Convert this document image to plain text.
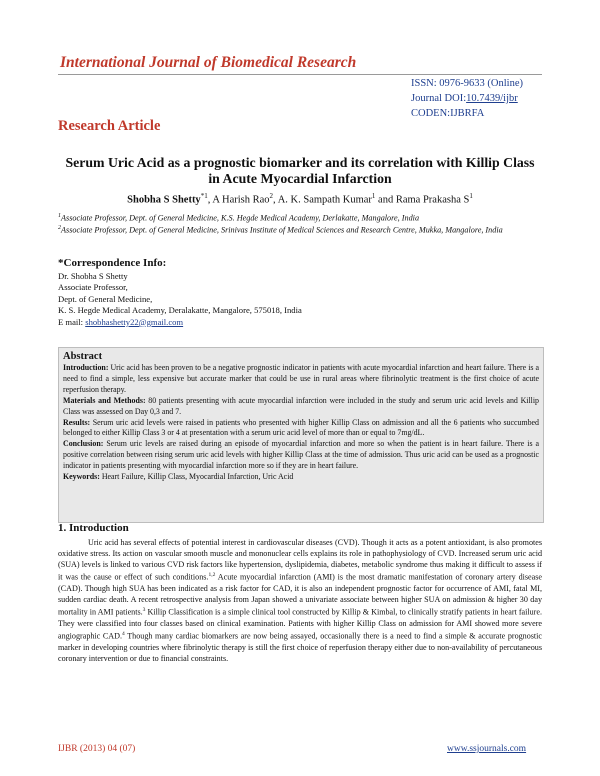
International Journal of Biomedical Research
ISSN: 0976-9633 (Online)
Journal DOI:10.7439/ijbr
CODEN:IJBRFA
Research Article
Serum Uric Acid as a prognostic biomarker and its correlation with Killip Class in Acute Myocardial Infarction
Shobha S Shetty$^{*1}$, A Harish Rao$^2$, A. K. Sampath Kumar$^1$ and Rama Prakasha $S^1$
$^1$Associate Professor, Dept. of General Medicine, K.S. Hegde Medical Academy, Derlakatte, Mangalore, India
$^2$Associate Professor, Dept. of General Medicine, Srinivas Institute of Medical Sciences and Research Centre, Mukka, Mangalore, India
*Correspondence Info:
Dr. Shobha S Shetty
Associate Professor,
Dept. of General Medicine,
K. S. Hegde Medical Academy, Deralakatte, Mangalore, 575018, India
E mail: shobhashetty22@gmail.com
Abstract

Introduction: Uric acid has been proven to be a negative prognostic indicator in patients with acute myocardial infarction and heart failure. There is a need to find a simple, less expensive but accurate marker that could be use in rural areas where fibrinolytic treatment is the first choice of acute reperfusion therapy.

Materials and Methods: 80 patients presenting with acute myocardial infarction were included in the study and serum uric acid levels and Killip Class was assessed on Day 0,3 and 7.

Results: Serum uric acid levels were raised in patients who presented with higher Killip Class on admission and all the 6 patients who succumbed belonged to either Killip Class 3 or 4 at presentation with a serum uric acid level of more than or equal to 7mg/dL.

Conclusion: Serum uric levels are raised during an episode of myocardial infarction and more so when the patient is in heart failure. There is a positive correlation between rising serum uric acid levels with higher Killip Class at the time of admission. Thus uric acid can be used as a prognostic indicator in patients presenting with myocardial infarction more so if they are in heart failure.

Keywords: Heart Failure, Killip Class, Myocardial Infarction, Uric Acid

1. Introduction

Uric acid has several effects of potential interest in cardiovascular diseases (CVD). Though it acts as a potent antioxidant, is also promotes oxidative stress. Its action on vascular smooth muscle and mononuclear cells explains its role in pathophysiology of CVD. Increased serum uric acid (SUA) levels is linked to various CVD risk factors like hypertension, dyslipidemia, diabetes, metabolic syndrome thus making it difficult to assess if it was the cause or effect of such conditions.$^{1,2}$ Acute myocardial infarction (AMI) is the most dramatic manifestation of coronary artery disease (CAD). Though high SUA has been indicated as a risk factor for CAD, it is also an independent prognostic factor for occurrence of AMI, fatal MI, sudden cardiac death. A recent retrospective analysis from Japan showed a univariate associate between higher SUA on admission & higher 30 day mortality in AMI patients.$^3$ Killip Classification is a simple clinical tool constructed by Killip & Kimbal, to clinically stratify patients in heart failure. They were classified into four classes based on clinical examination. Patients with higher Killip Class on admission for AMI showed more severe angiographic CAD.$^4$ Though many cardiac biomarkers are now being assayed, occasionally there is a need to find a simple & accurate prognostic marker in developing countries where fibrinolytic therapy is still the first choice of reperfusion therapy either due to non-availability of percutaneous coronary intervention or due to financial constraints.

IJBR (2013) 04 (07)	www.ssjournals.com
